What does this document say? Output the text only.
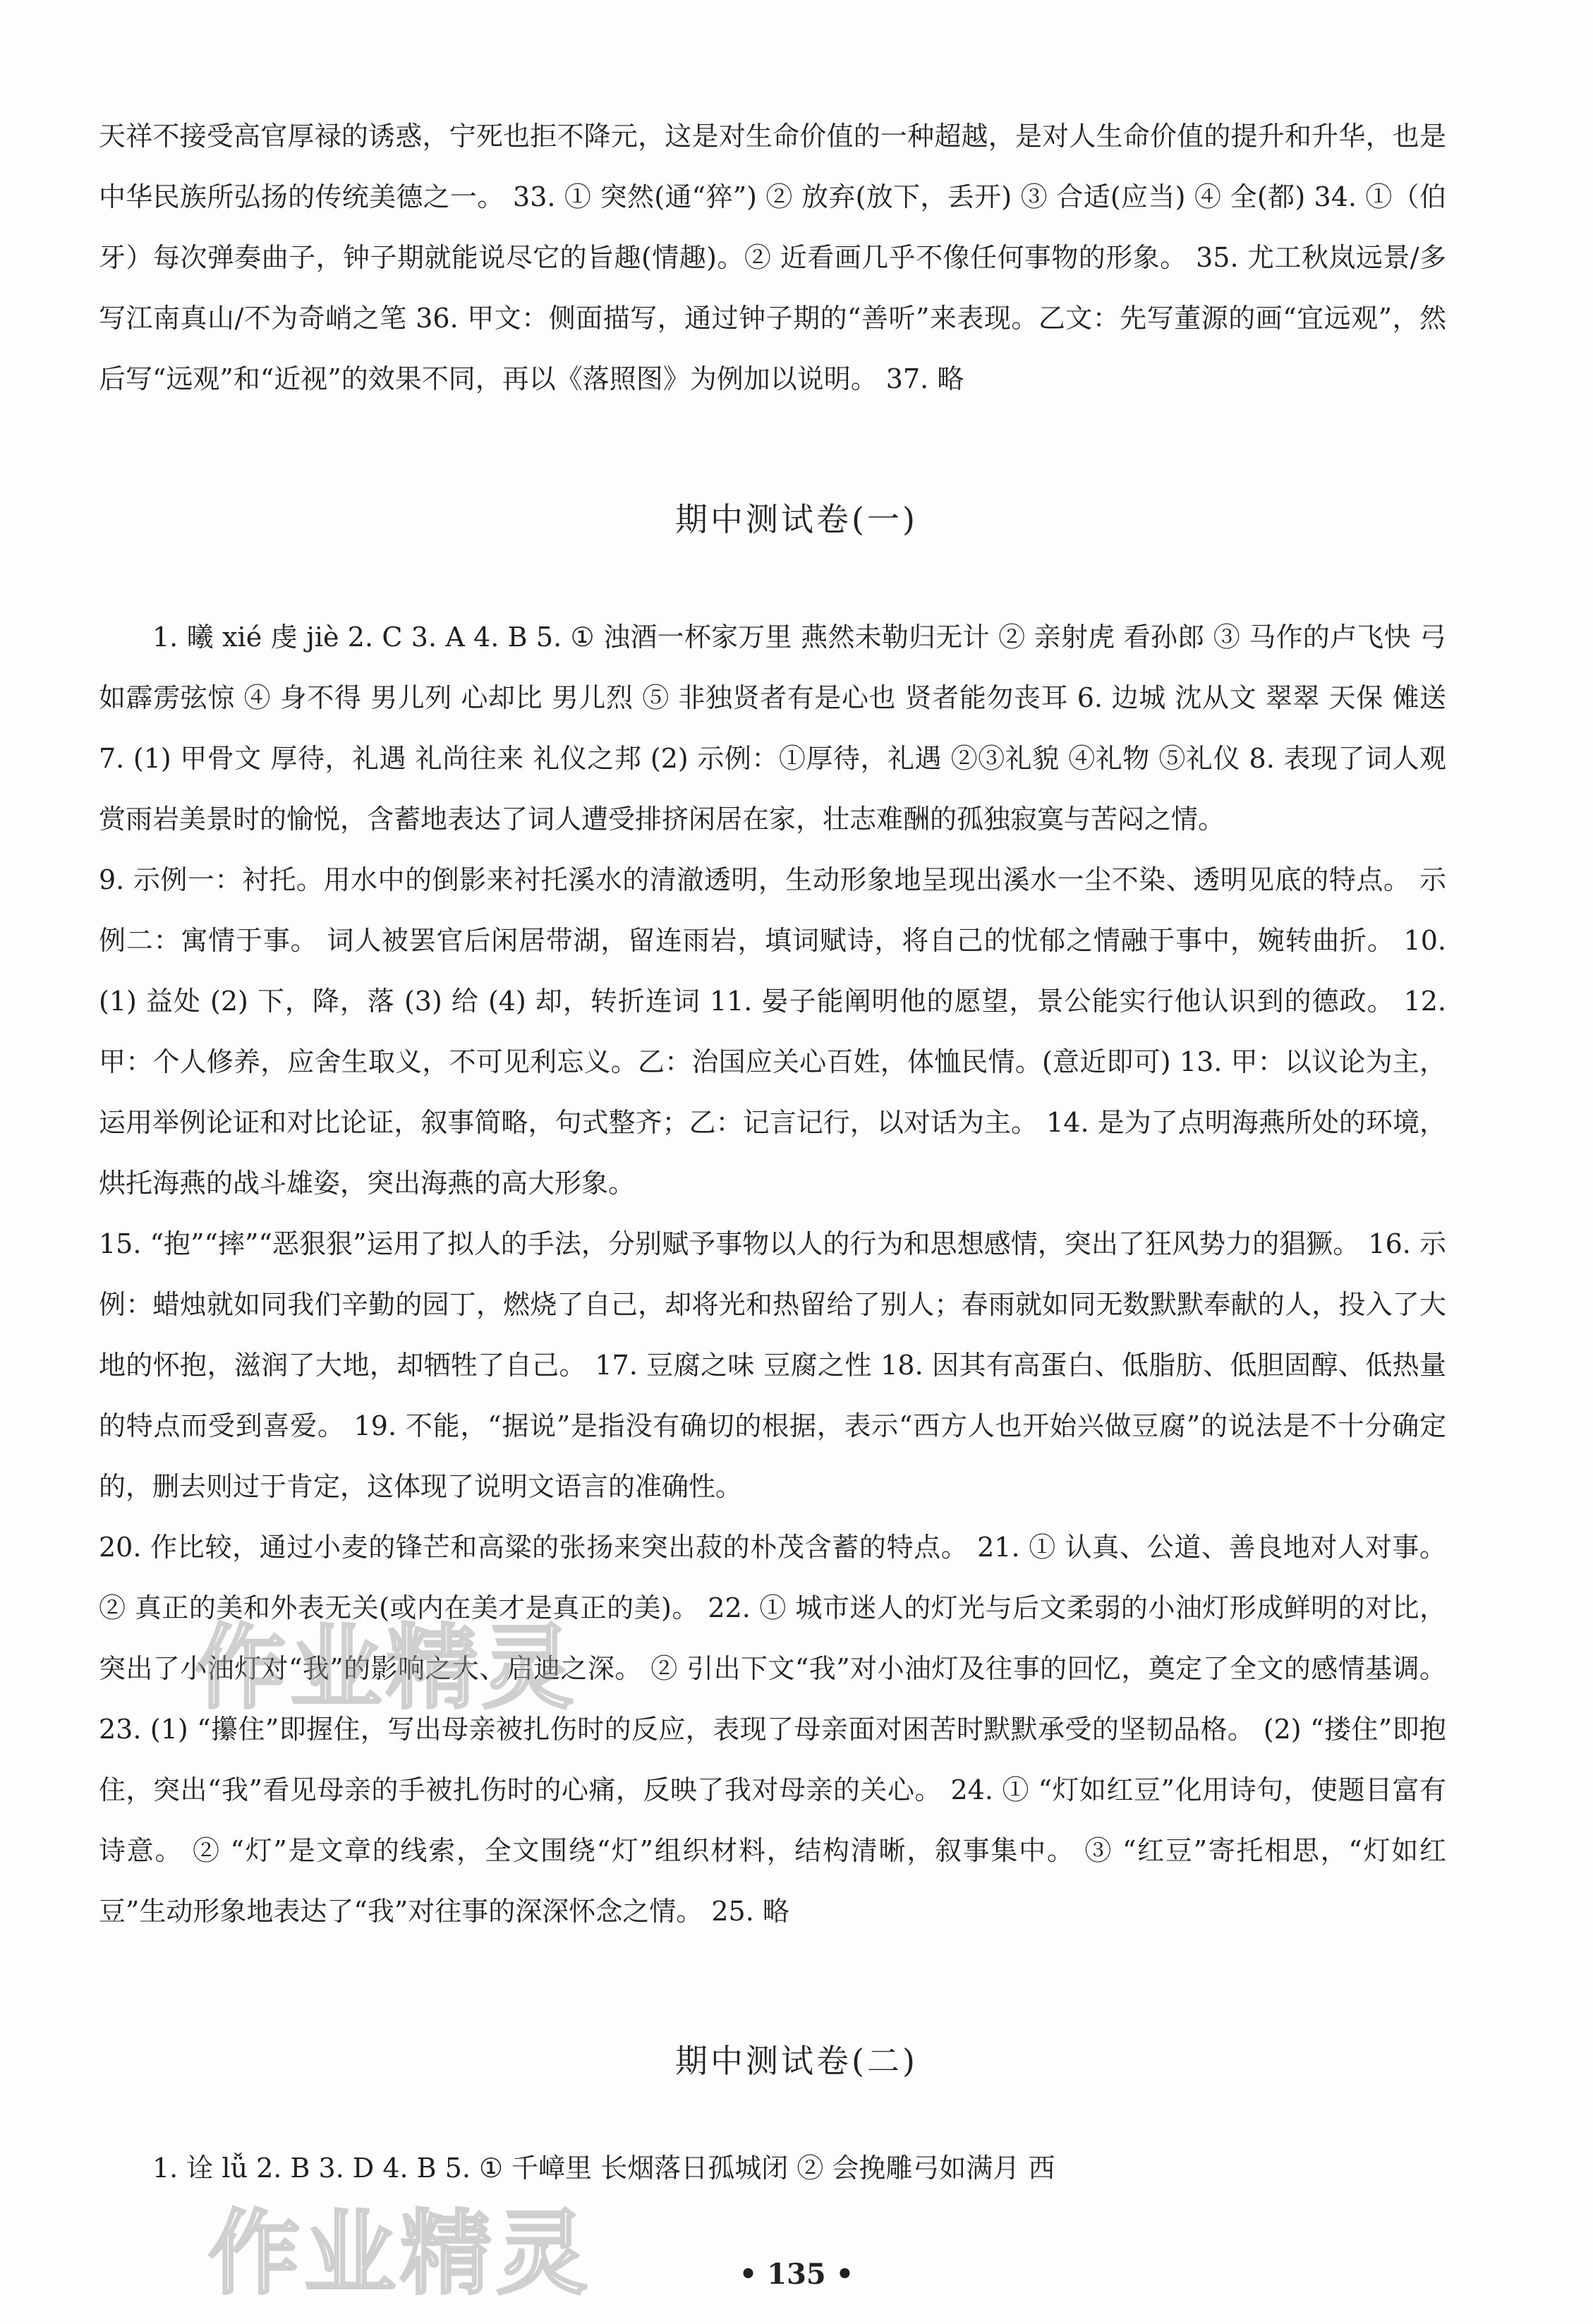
天祥不接受高官厚禄的诱惑，宁死也拒不降元，这是对生命价值的一种超越，是对人生命价值的提升和升华，也是中华民族所弘扬的传统美德之一。 33. ① 突然(通“猝”) ② 放弃(放下，丢开) ③ 合适(应当) ④ 全(都) 34. ①（伯牙）每次弹奏曲子，钟子期就能说尽它的旨趣(情趣)。② 近看画几乎不像任何事物的形象。 35. 尤工秋岚远景/多写江南真山/不为奇峭之笔 36. 甲文：侧面描写，通过钟子期的“善听”来表现。乙文：先写董源的画“宜远观”，然后写“远观”和“近视”的效果不同，再以《落照图》为例加以说明。 37. 略

期中测试卷(一)

1. 曦 xié 虔 jiè 2. C 3. A 4. B 5. ① 浊酒一杯家万里 燕然未勒归无计 ② 亲射虎 看孙郎 ③ 马作的卢飞快 弓如霹雳弦惊 ④ 身不得 男儿列 心却比 男儿烈 ⑤ 非独贤者有是心也 贤者能勿丧耳 6. 边城 沈从文 翠翠 天保 傩送 7. (1) 甲骨文 厚待，礼遇 礼尚往来 礼仪之邦 (2) 示例：①厚待，礼遇 ②③礼貌 ④礼物 ⑤礼仪 8. 表现了词人观赏雨岩美景时的愉悦，含蓄地表达了词人遭受排挤闲居在家，壮志难酬的孤独寂寞与苦闷之情。

9. 示例一：衬托。用水中的倒影来衬托溪水的清澈透明，生动形象地呈现出溪水一尘不染、透明见底的特点。 示例二：寓情于事。 词人被罢官后闲居带湖，留连雨岩，填词赋诗，将自己的忧郁之情融于事中，婉转曲折。 10. (1) 益处 (2) 下，降，落 (3) 给 (4) 却，转折连词 11. 晏子能阐明他的愿望，景公能实行他认识到的德政。 12. 甲：个人修养，应舍生取义，不可见利忘义。乙：治国应关心百姓，体恤民情。(意近即可) 13. 甲：以议论为主，运用举例论证和对比论证，叙事简略，句式整齐；乙：记言记行，以对话为主。 14. 是为了点明海燕所处的环境，烘托海燕的战斗雄姿，突出海燕的高大形象。

15. “抱”“摔”“恶狠狠”运用了拟人的手法，分别赋予事物以人的行为和思想感情，突出了狂风势力的猖獗。 16. 示例：蜡烛就如同我们辛勤的园丁，燃烧了自己，却将光和热留给了别人；春雨就如同无数默默奉献的人，投入了大地的怀抱，滋润了大地，却牺牲了自己。 17. 豆腐之味 豆腐之性 18. 因其有高蛋白、低脂肪、低胆固醇、低热量的特点而受到喜爱。 19. 不能，“据说”是指没有确切的根据，表示“西方人也开始兴做豆腐”的说法是不十分确定的，删去则过于肯定，这体现了说明文语言的准确性。

20. 作比较，通过小麦的锋芒和高粱的张扬来突出菽的朴茂含蓄的特点。 21. ① 认真、公道、善良地对人对事。 ② 真正的美和外表无关(或内在美才是真正的美)。 22. ① 城市迷人的灯光与后文柔弱的小油灯形成鲜明的对比，突出了小油灯对“我”的影响之大、启迪之深。 ② 引出下文“我”对小油灯及往事的回忆，奠定了全文的感情基调。 23. (1) “攥住”即握住，写出母亲被扎伤时的反应，表现了母亲面对困苦时默默承受的坚韧品格。 (2) “搂住”即抱住，突出“我”看见母亲的手被扎伤时的心痛，反映了我对母亲的关心。 24. ① “灯如红豆”化用诗句，使题目富有诗意。 ② “灯”是文章的线索，全文围绕“灯”组织材料，结构清晰，叙事集中。 ③ “红豆”寄托相思，“灯如红豆”生动形象地表达了“我”对往事的深深怀念之情。 25. 略

期中测试卷(二)

1. 诠 lǚ 2. B 3. D 4. B 5. ① 千嶂里 长烟落日孤城闭 ② 会挽雕弓如满月 西

• 135 •
作业精灵
作业精灵
